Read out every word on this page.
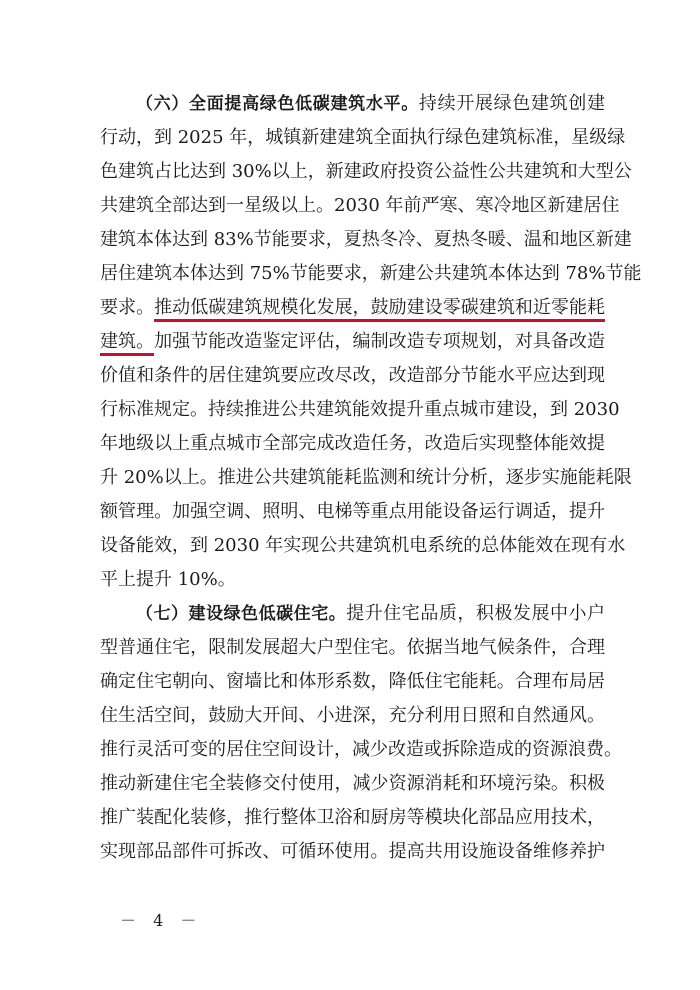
（六）全面提高绿色低碳建筑水平。持续开展绿色建筑创建
行动，到 2025 年，城镇新建建筑全面执行绿色建筑标准，星级绿
色建筑占比达到 30%以上，新建政府投资公益性公共建筑和大型公
共建筑全部达到一星级以上。2030 年前严寒、寒冷地区新建居住
建筑本体达到 83%节能要求，夏热冬冷、夏热冬暖、温和地区新建
居住建筑本体达到 75%节能要求，新建公共建筑本体达到 78%节能
要求。推动低碳建筑规模化发展，鼓励建设零碳建筑和近零能耗
建筑。加强节能改造鉴定评估，编制改造专项规划，对具备改造
价值和条件的居住建筑要应改尽改，改造部分节能水平应达到现
行标准规定。持续推进公共建筑能效提升重点城市建设，到 2030
年地级以上重点城市全部完成改造任务，改造后实现整体能效提
升 20%以上。推进公共建筑能耗监测和统计分析，逐步实施能耗限
额管理。加强空调、照明、电梯等重点用能设备运行调适，提升
设备能效，到 2030 年实现公共建筑机电系统的总体能效在现有水
平上提升 10%。
（七）建设绿色低碳住宅。提升住宅品质，积极发展中小户
型普通住宅，限制发展超大户型住宅。依据当地气候条件，合理
确定住宅朝向、窗墙比和体形系数，降低住宅能耗。合理布局居
住生活空间，鼓励大开间、小进深，充分利用日照和自然通风。
推行灵活可变的居住空间设计，减少改造或拆除造成的资源浪费。
推动新建住宅全装修交付使用，减少资源消耗和环境污染。积极
推广装配化装修，推行整体卫浴和厨房等模块化部品应用技术，
实现部品部件可拆改、可循环使用。提高共用设施设备维修养护
－ 4 －
